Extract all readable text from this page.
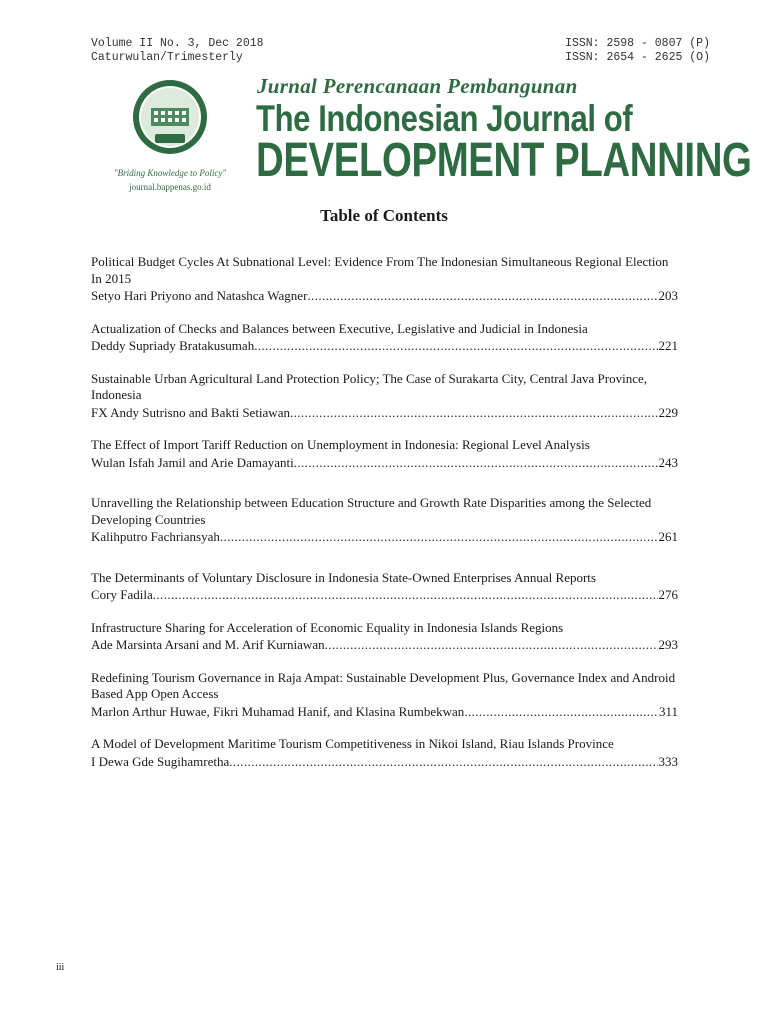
Volume II No. 3, Dec 2018
Caturwulan/Trimesterly
ISSN: 2598 - 0807 (P)
ISSN: 2654 - 2625 (O)
"Briding Knowledge to Policy"
journal.bappenas.go.id
Jurnal Perencanaan Pembangunan
The Indonesian Journal of
DEVELOPMENT PLANNING
Table of Contents

Political Budget Cycles At Subnational Level: Evidence From The Indonesian Simultaneous Regional Election In 2015

Setyo Hari Priyono and Natashca Wagner .....	203

Actualization of Checks and Balances between Executive, Legislative and Judicial in Indonesia

Deddy Supriady Bratakusumah .....	221

Sustainable Urban Agricultural Land Protection Policy; The Case of Surakarta City, Central Java Province, Indonesia

FX Andy Sutrisno and Bakti Setiawan .....	229

The Effect of Import Tariff Reduction on Unemployment in Indonesia: Regional Level Analysis

Wulan Isfah Jamil and Arie Damayanti .....	243

Unravelling the Relationship between Education Structure and Growth Rate Disparities among the Selected Developing Countries

Kalihputro Fachriansyah .....	261

The Determinants of Voluntary Disclosure in Indonesia State-Owned Enterprises Annual Reports

Cory Fadila .....	276

Infrastructure Sharing for Acceleration of Economic Equality in Indonesia Islands Regions

Ade Marsinta Arsani and M. Arif Kurniawan .....	293

Redefining Tourism Governance in Raja Ampat: Sustainable Development Plus, Governance Index and Android Based App Open Access

Marlon Arthur Huwae, Fikri Muhamad Hanif, and Klasina Rumbekwan .....	311

A Model of Development Maritime Tourism Competitiveness in Nikoi Island, Riau Islands Province

I Dewa Gde Sugihamretha .....	333
iii
